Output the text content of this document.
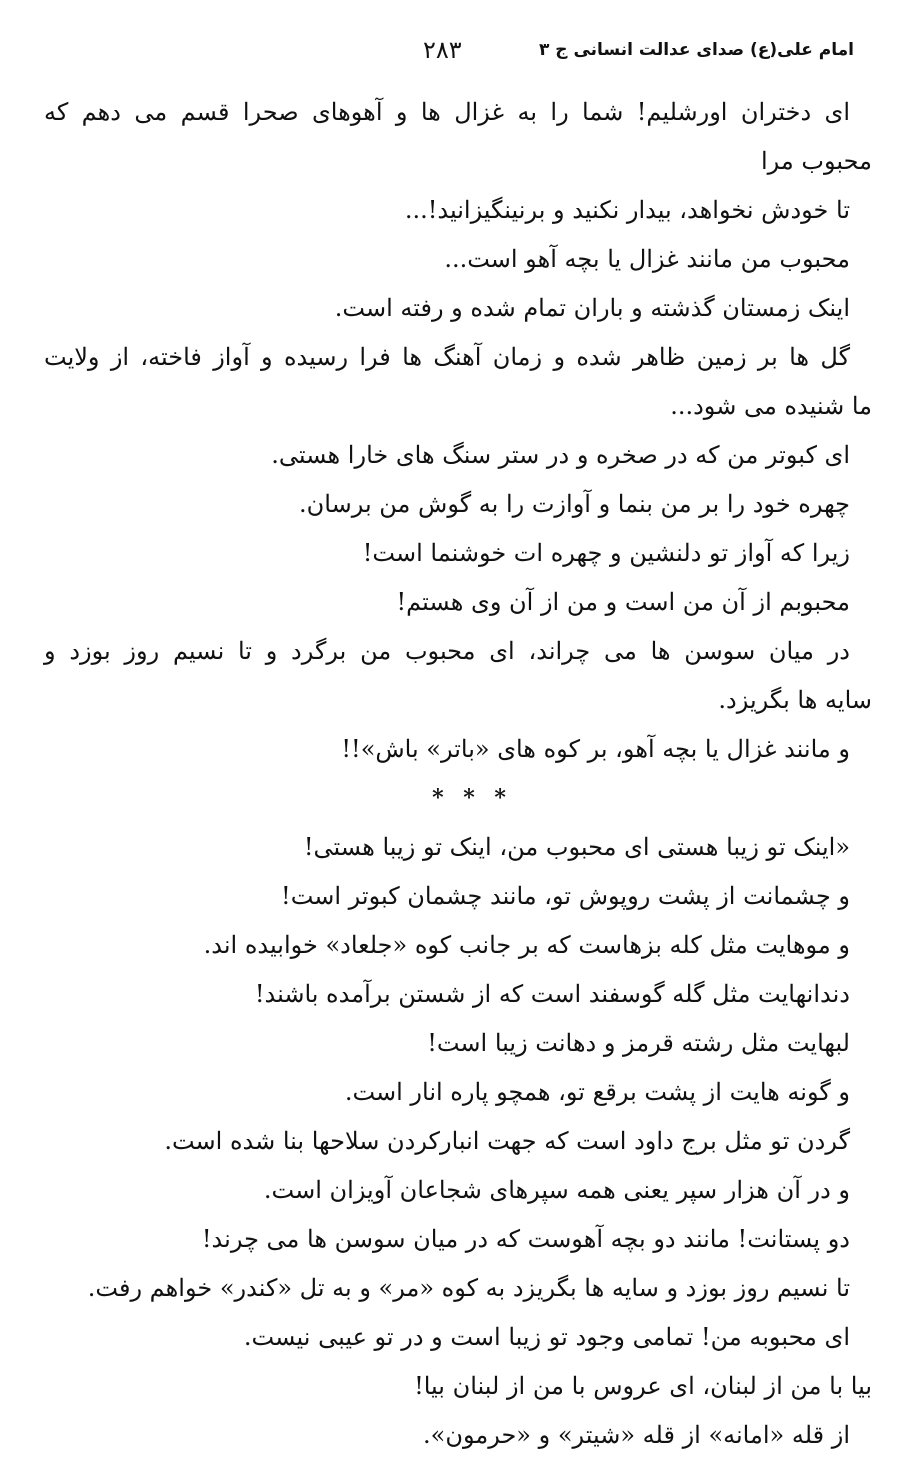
امام علی(ع) صدای عدالت انسانی ج ۳
۲۸۳
ای دختران اورشلیم! شما را به غزال ها و آهوهای صحرا قسم می دهم که
محبوب مرا
تا خودش نخواهد، بیدار نکنید و برنینگیزانید!...
محبوب من مانند غزال یا بچه آهو است...
اینک زمستان گذشته و باران تمام شده و رفته است.
گل ها بر زمین ظاهر شده و زمان آهنگ ها فرا رسیده و آواز فاخته، از ولایت
ما شنیده می شود...
ای کبوتر من که در صخره و در ستر سنگ های خارا هستی.
چهره خود را بر من بنما و آوازت را به گوش من برسان.
زیرا که آواز تو دلنشین و چهره ات خوشنما است!
محبوبم از آن من است و من از آن وی هستم!
در میان سوسن ها می چراند، ای محبوب من برگرد و تا نسیم روز بوزد و
سایه ها بگریزد.
و مانند غزال یا بچه آهو، بر کوه های «باتر» باش»!!
* * *
«اینک تو زیبا هستی ای محبوب من، اینک تو زیبا هستی!
و چشمانت از پشت روپوش تو، مانند چشمان کبوتر است!
و موهایت مثل کله بزهاست که بر جانب کوه «جلعاد» خوابیده اند.
دندانهایت مثل گله گوسفند است که از شستن برآمده باشند!
لبهایت مثل رشته قرمز و دهانت زیبا است!
و گونه هایت از پشت برقع تو، همچو پاره انار است.
گردن تو مثل برج داود است که جهت انبارکردن سلاحها بنا شده است.
و در آن هزار سپر یعنی همه سپرهای شجاعان آویزان است.
دو پستانت! مانند دو بچه آهوست که در میان سوسن ها می چرند!
تا نسیم روز بوزد و سایه ها بگریزد به کوه «مر» و به تل «کندر» خواهم رفت.
ای محبوبه من! تمامی وجود تو زیبا است و در تو عیبی نیست.
بیا با من از لبنان، ای عروس با من از لبنان بیا!
از قله «امانه» از قله «شیتر» و «حرمون».
